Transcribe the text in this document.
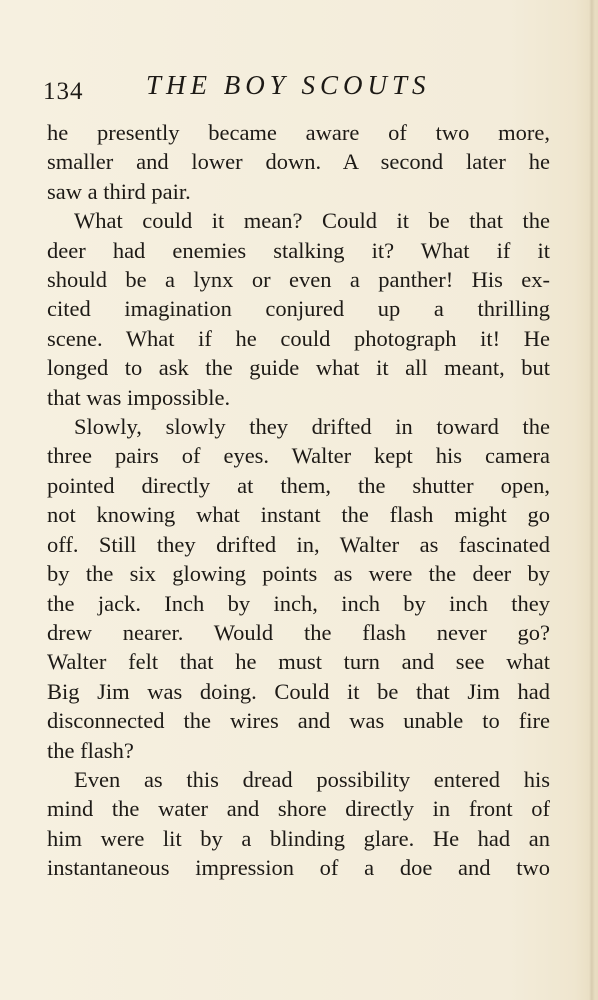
134 THE BOY SCOUTS
he presently became aware of two more,
smaller and lower down. A second later he
saw a third pair.
What could it mean? Could it be that the
deer had enemies stalking it? What if it
should be a lynx or even a panther! His ex-
cited imagination conjured up a thrilling
scene. What if he could photograph it! He
longed to ask the guide what it all meant, but
that was impossible.
Slowly, slowly they drifted in toward the
three pairs of eyes. Walter kept his camera
pointed directly at them, the shutter open,
not knowing what instant the flash might go
off. Still they drifted in, Walter as fascinated
by the six glowing points as were the deer by
the jack. Inch by inch, inch by inch they
drew nearer. Would the flash never go?
Walter felt that he must turn and see what
Big Jim was doing. Could it be that Jim had
disconnected the wires and was unable to fire
the flash?
Even as this dread possibility entered his
mind the water and shore directly in front of
him were lit by a blinding glare. He had an
instantaneous impression of a doe and two
